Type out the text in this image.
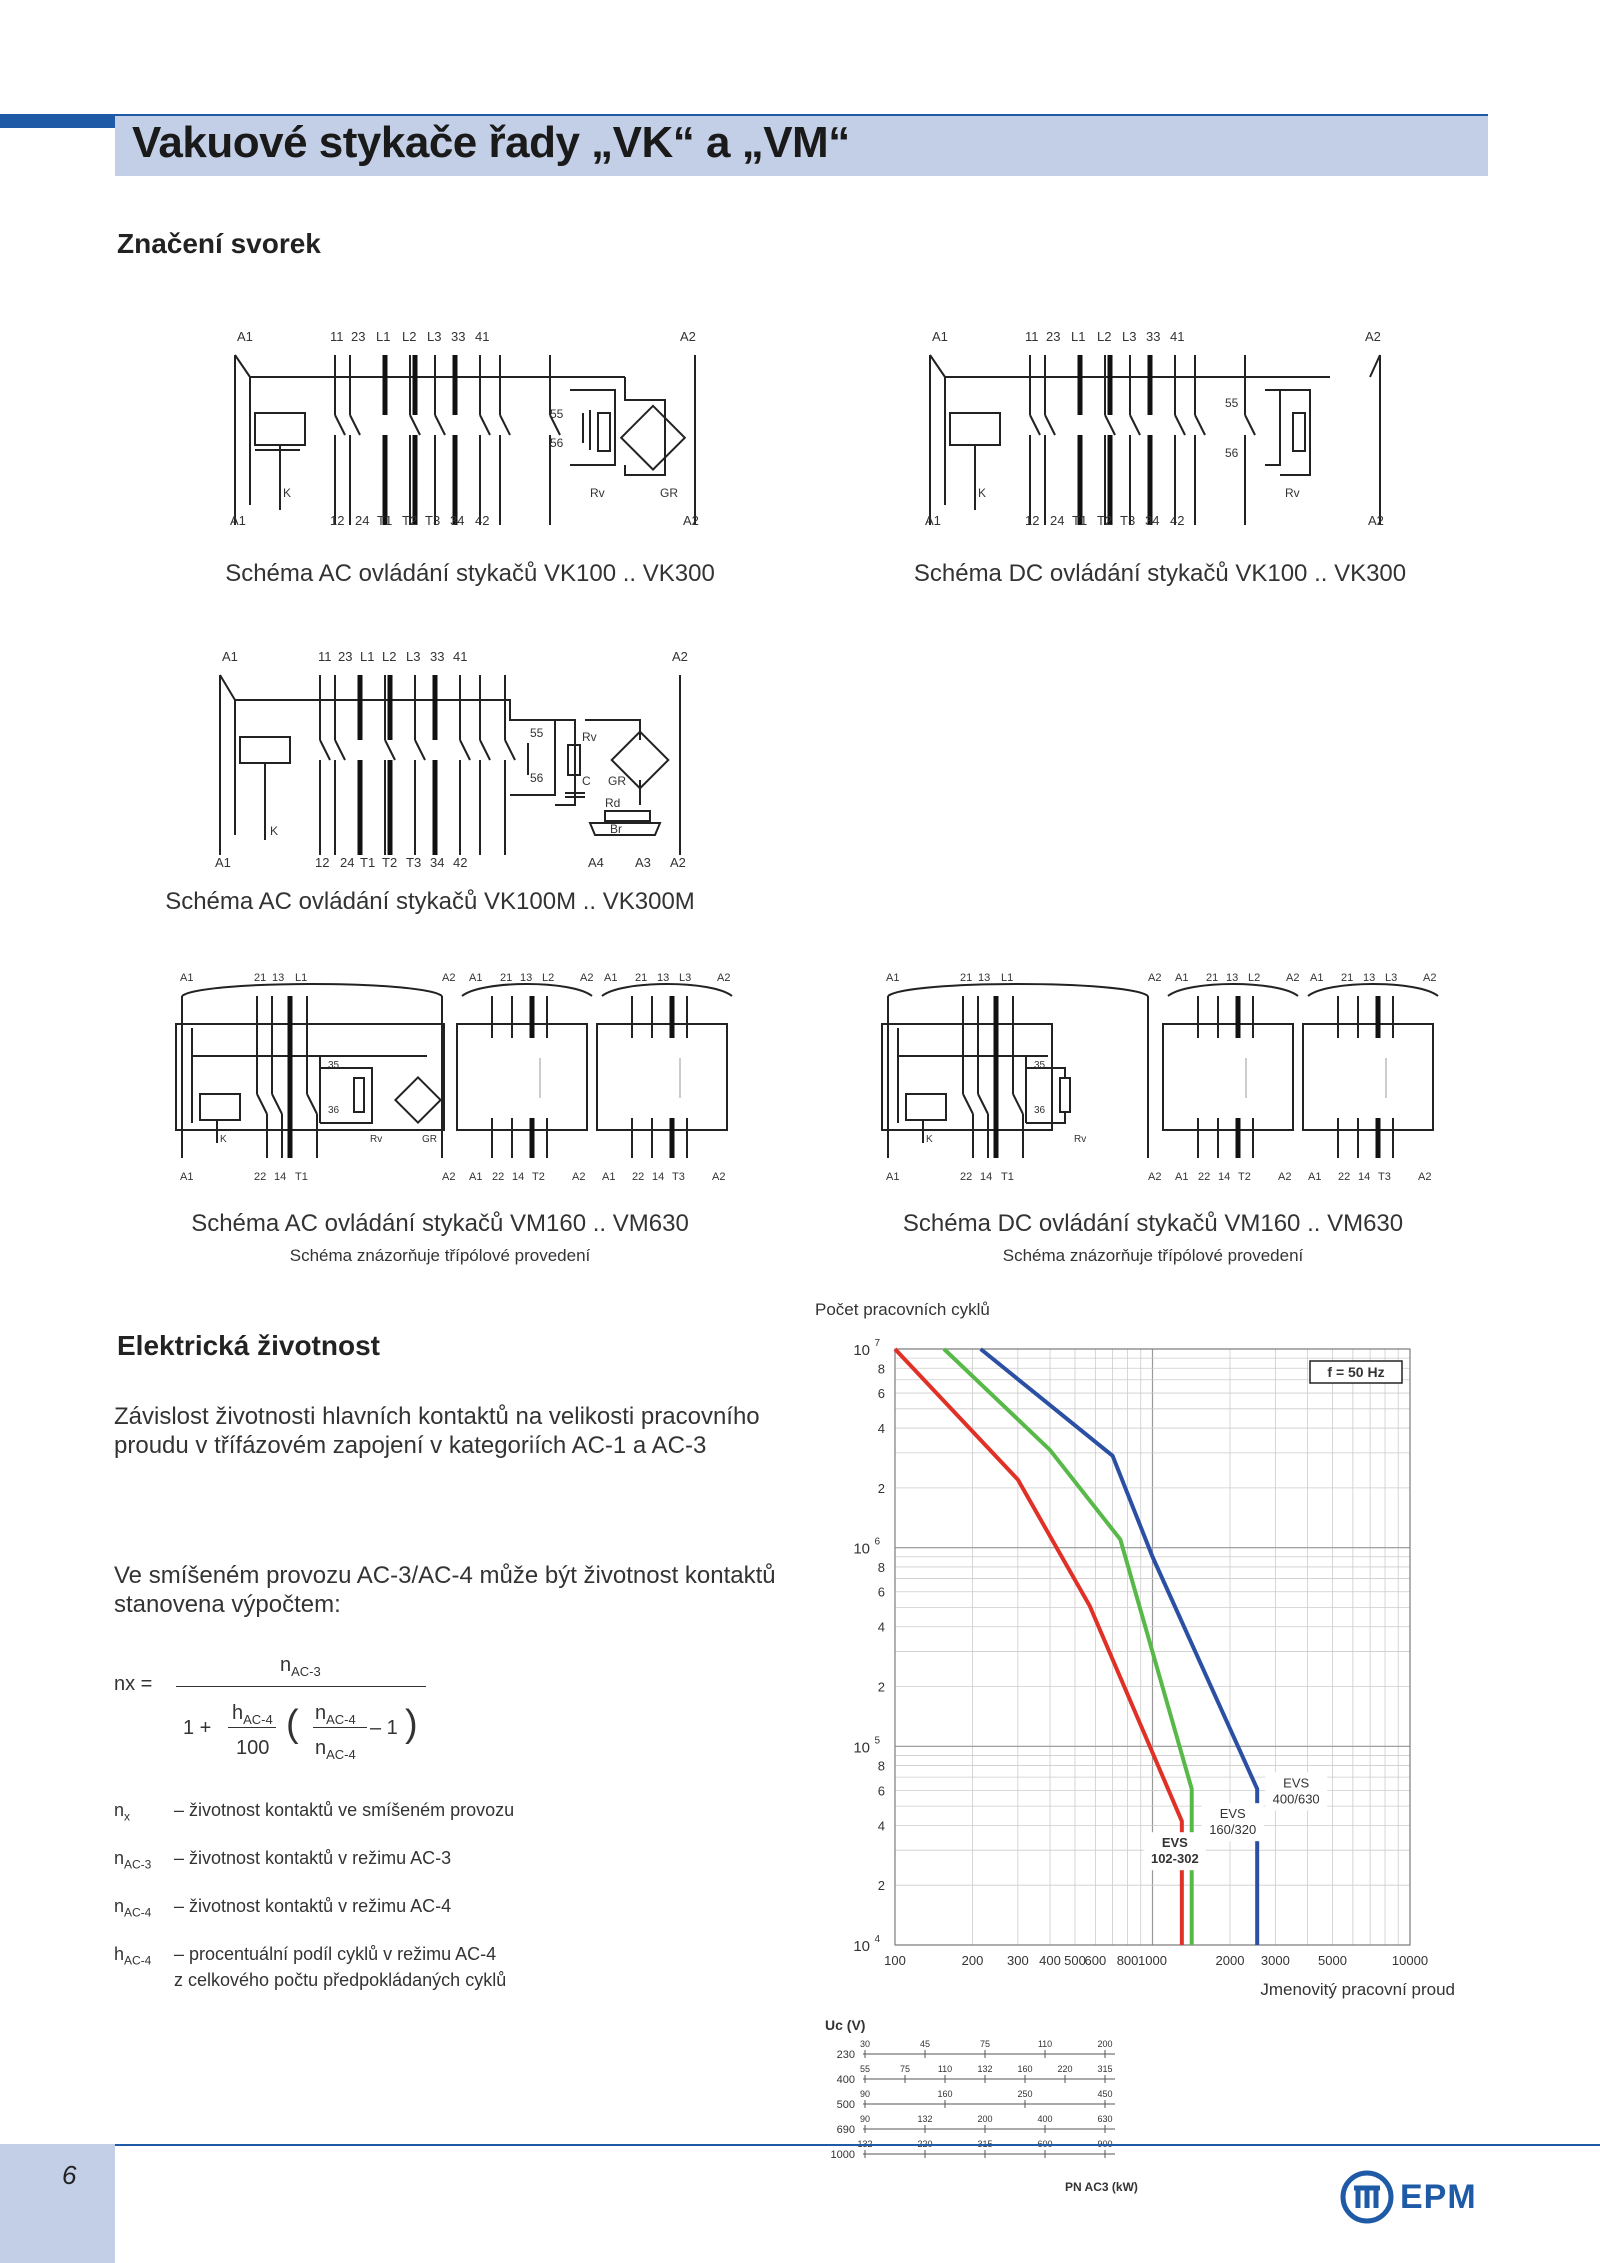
Vakuové stykače řady „VK“ a „VM“
Značení svorek
A1	11 23 L1 L2 L3 33 41	A2
A1	12 24 T1 T2 T3 34 42	A2
55
56
K	Rv	GR
Schéma AC ovládání stykačů VK100 .. VK300
A1	11 23 L1 L2 L3 33 41	A2
A1	12 24 T1 T2 T3 34 42	A2
55
56
K	Rv
Schéma DC ovládání stykačů VK100 .. VK300
A1	11 23 L1 L2 L3 33 41	A2
A1	12 24 T1 T2 T3 34 42	A4 A3 A2
55
56
Rv
C GR
Rd
Br
K
Schéma AC ovládání stykačů VK100M .. VK300M
A1	21 13 L1	A2 A1 21 13 L2 A2 A1 21 13 L3 A2
A1	22 14 T1	A2 A1 22 14 T2 A2 A1 22 14 T3 A2
35
36
K	Rv	GR
Schéma AC ovládání stykačů VM160 .. VM630
Schéma znázorňuje třípólové provedení
A1	21 13 L1	A2 A1 21 13 L2 A2 A1 21 13 L3 A2
A1	22 14 T1	A2 A1 22 14 T2 A2 A1 22 14 T3 A2
35
36
K	Rv
Schéma DC ovládání stykačů VM160 .. VM630
Schéma znázorňuje třípólové provedení
Elektrická životnost
Závislost životnosti hlavních kontaktů na velikosti pracovního proudu v třífázovém zapojení v kategoriích AC-1 a AC-3
Ve smíšeném provozu AC-3/AC-4 může být životnost kontaktů stanovena výpočtem:
nx =
$n_{AC-3}$
1 +
$h_{AC-4}$
100
( $n_{AC-4}$
$n_{AC-4}$
– 1 )
$n_x$ – životnost kontaktů ve smíšeném provozu
$n_{AC-3}$ – životnost kontaktů v režimu AC-3
$n_{AC-4}$ – životnost kontaktů v režimu AC-4
$h_{AC-4}$ – procentuální podíl cyklů v režimu AC-4
z celkového počtu předpokládaných cyklů
Počet pracovních cyklů
10 7
8
6
4
2
10 6
8
6
4
2
10 5
8
6
4
2
10 4
100	200 300 400 500
600 800 1000	2000 3000 5000	10000
Jmenovitý pracovní proud
f = 50 Hz
EVS
102-302
EVS
160/320
EVS
400/630
Uc (V)
230
30	45	75	110	200
400
55	75	110	132	160	220	315
500
90	160	250	450
690
90	132	200	400	630
1000
PN AC3 (kW)
6
EPM
